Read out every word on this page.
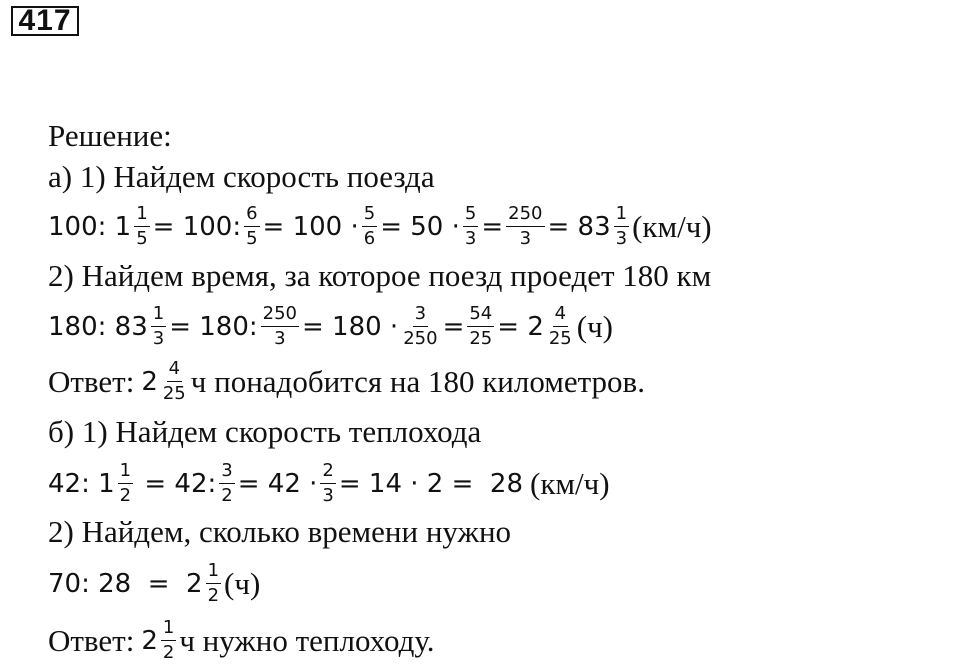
417
Решение:
а) 1) Найдем скорость поезда
100: $1 \frac{1}{5} = 100$: $\frac{6}{5} = 100 \cdot \frac{5}{6} = 50 \cdot \frac{5}{3} = \frac{250}{3} = 83 \frac{1}{3} (км/ч)$
2) Найдем время, за которое поезд проедет 180 км
180: $83 \frac{1}{3} = 180$: $\frac{250}{3} = 180 \cdot \frac{3}{250} = \frac{54}{25} = 2 \frac{4}{25} (ч)$
Ответ: $2 \frac{4}{25}$ ч понадобится на 180 километров.
б) 1) Найдем скорость теплохода
42: $1 \frac{1}{2} = 42$: $\frac{3}{2} = 42 \cdot \frac{2}{3} = 14 \cdot 2 = 28$ (км/ч)
2) Найдем, сколько времени нужно
70: $28 = 2 \frac{1}{2} (ч)$
Ответ: $2 \frac{1}{2}$ ч нужно теплоходу.
